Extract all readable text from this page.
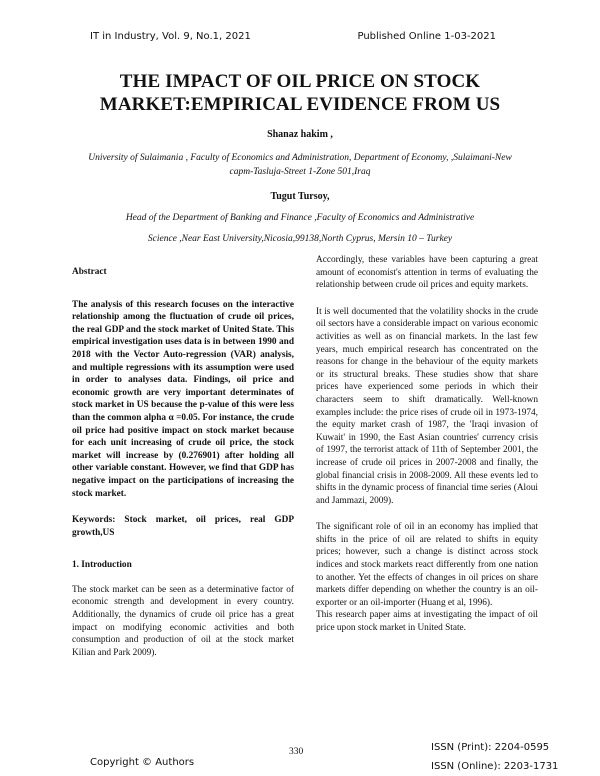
IT in Industry, Vol. 9, No.1, 2021	Published Online 1-03-2021
THE IMPACT OF OIL PRICE ON STOCK
MARKET:EMPIRICAL EVIDENCE FROM US
Shanaz hakim ,
University of Sulaimania , Faculty of Economics and Administration, Department of Economy, ,Sulaimani-New capm-Tasluja-Street 1-Zone 501,Iraq
Tugut Tursoy,
Head of the Department of Banking and Finance ,Faculty of Economics and Administrative
Science ,Near East University,Nicosia,99138,North Cyprus, Mersin 10 – Turkey

Abstract

The analysis of this research focuses on the interactive relationship among the fluctuation of crude oil prices, the real GDP and the stock market of United State. This empirical investigation uses data is in between 1990 and 2018 with the Vector Auto-regression (VAR) analysis, and multiple regressions with its assumption were used in order to analyses data. Findings, oil price and economic growth are very important determinates of stock market in US because the p-value of this were less than the common alpha α =0.05. For instance, the crude oil price had positive impact on stock market because for each unit increasing of crude oil price, the stock market will increase by (0.276901) after holding all other variable constant. However, we find that GDP has negative impact on the participations of increasing the stock market.

Keywords: Stock market, oil prices, real GDP growth,US

1. Introduction

The stock market can be seen as a determinative factor of economic strength and development in every country. Additionally, the dynamics of crude oil price has a great impact on modifying economic activities and both consumption and production of oil at the stock market Kilian and Park 2009).

Accordingly, these variables have been capturing a great amount of economist's attention in terms of evaluating the relationship between crude oil prices and equity markets.

It is well documented that the volatility shocks in the crude oil sectors have a considerable impact on various economic activities as well as on financial markets. In the last few years, much empirical research has concentrated on the reasons for change in the behaviour of the equity markets or its structural breaks. These studies show that share prices have experienced some periods in which their characters seem to shift dramatically. Well-known examples include: the price rises of crude oil in 1973-1974, the equity market crash of 1987, the 'Iraqi invasion of Kuwait' in 1990, the East Asian countries' currency crisis of 1997, the terrorist attack of 11th of September 2001, the increase of crude oil prices in 2007-2008 and finally, the global financial crisis in 2008-2009. All these events led to shifts in the dynamic process of financial time series (Aloui and Jammazi, 2009).

The significant role of oil in an economy has implied that shifts in the price of oil are related to shifts in equity prices; however, such a change is distinct across stock indices and stock markets react differently from one nation to another. Yet the effects of changes in oil prices on share markets differ depending on whether the country is an oil-exporter or an oil-importer (Huang et al, 1996).

This research paper aims at investigating the impact of oil price upon stock market in United State.

330
Copyright © Authors
ISSN (Print): 2204-0595
ISSN (Online): 2203-1731
